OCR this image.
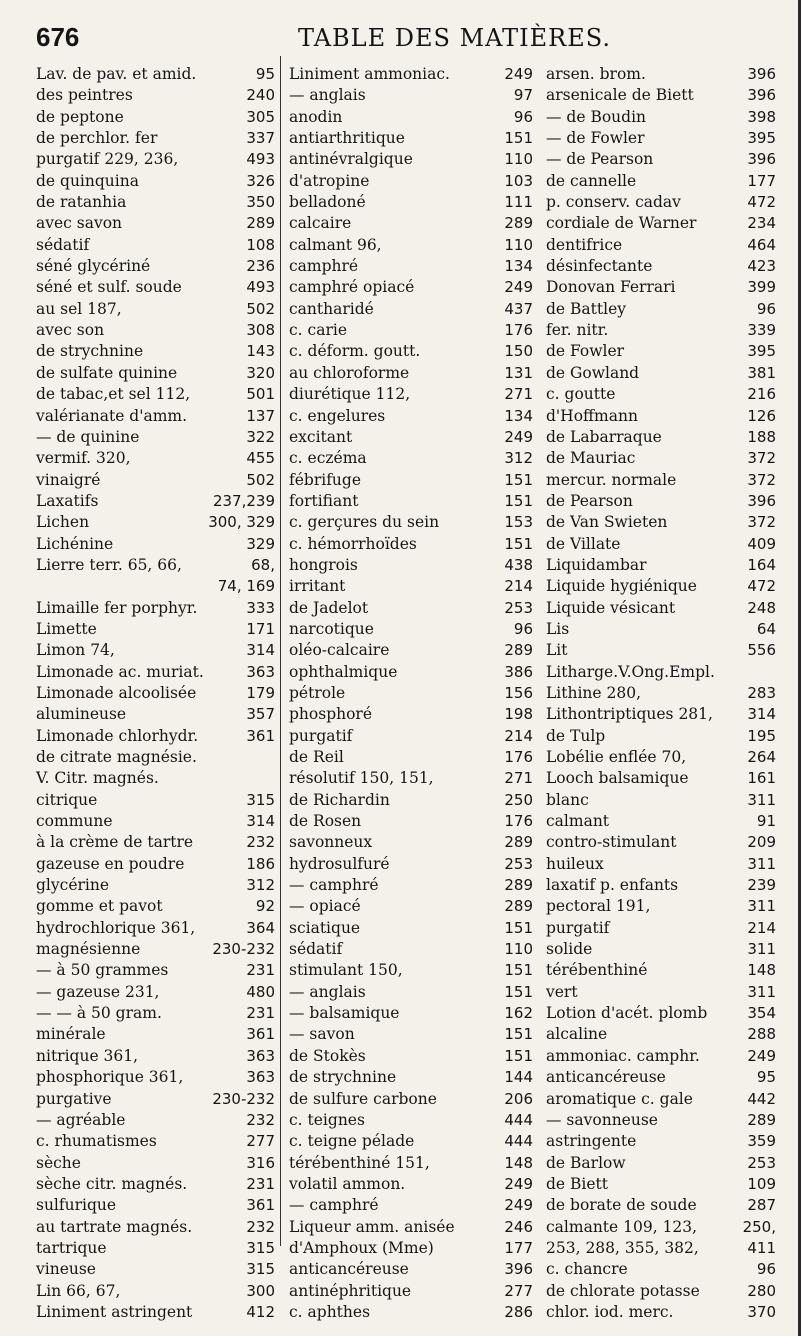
676	TABLE DES MATIÈRES.
Lav. de pav. et amid.	95
des peintres	240
de peptone	305
de perchlor. fer	337
purgatif 229, 236,	493
de quinquina	326
de ratanhia	350
avec savon	289
sédatif	108
séné glycériné	236
séné et sulf. soude	493
au sel 187,	502
avec son	308
de strychnine	143
de sulfate quinine	320
de tabac,et sel 112,	501
valérianate d'amm.	137
— de quinine	322
vermif. 320,	455
vinaigré	502
Laxatifs	237,239
Lichen	300, 329
Lichénine	329
Lierre terr. 65, 66,	68,
74, 169
Limaille fer porphyr.	333
Limette	171
Limon 74,	314
Limonade ac. muriat.	363
Limonade alcoolisée	179
alumineuse	357
Limonade chlorhydr.	361
de citrate magnésie.
V. Citr. magnés.
citrique	315
commune	314
à la crème de tartre	232
gazeuse en poudre	186
glycérine	312
gomme et pavot	92
hydrochlorique 361,	364
magnésienne	230-232
— à 50 grammes	231
— gazeuse 231,	480
— — à 50 gram.	231
minérale	361
nitrique 361,	363
phosphorique 361,	363
purgative	230-232
— agréable	232
c. rhumatismes	277
sèche	316
sèche citr. magnés.	231
sulfurique	361
au tartrate magnés.	232
tartrique	315
vineuse	315
Lin 66, 67,	300
Liniment astringent	412
Liniment ammoniac.	249
— anglais	97
anodin	96
antiarthritique	151
antinévralgique	110
d'atropine	103
belladoné	111
calcaire	289
calmant 96,	110
camphré	134
camphré opiacé	249
cantharidé	437
c. carie	176
c. déform. goutt.	150
au chloroforme	131
diurétique 112,	271
c. engelures	134
excitant	249
c. eczéma	312
fébrifuge	151
fortifiant	151
c. gerçures du sein	153
c. hémorrhoïdes	151
hongrois	438
irritant	214
de Jadelot	253
narcotique	96
oléo-calcaire	289
ophthalmique	386
pétrole	156
phosphoré	198
purgatif	214
de Reil	176
résolutif 150, 151,	271
de Richardin	250
de Rosen	176
savonneux	289
hydrosulfuré	253
— camphré	289
— opiacé	289
sciatique	151
sédatif	110
stimulant 150,	151
— anglais	151
— balsamique	162
— savon	151
de Stokès	151
de strychnine	144
de sulfure carbone	206
c. teignes	444
c. teigne pélade	444
térébenthiné 151,	148
volatil ammon.	249
— camphré	249
Liqueur amm. anisée	246
d'Amphoux (Mme)	177
anticancéreuse	396
antinéphritique	277
c. aphthes	286
arsen. brom.	396
arsenicale de Biett	396
— de Boudin	398
— de Fowler	395
— de Pearson	396
de cannelle	177
p. conserv. cadav	472
cordiale de Warner	234
dentifrice	464
désinfectante	423
Donovan Ferrari	399
de Battley	96
fer. nitr.	339
de Fowler	395
de Gowland	381
c. goutte	216
d'Hoffmann	126
de Labarraque	188
de Mauriac	372
mercur. normale	372
de Pearson	396
de Van Swieten	372
de Villate	409
Liquidambar	164
Liquide hygiénique	472
Liquide vésicant	248
Lis	64
Lit	556
Litharge.V.Ong.Empl.
Lithine 280,	283
Lithontriptiques 281,	314
de Tulp	195
Lobélie enflée 70,	264
Looch balsamique	161
blanc	311
calmant	91
contro-stimulant	209
huileux	311
laxatif p. enfants	239
pectoral 191,	311
purgatif	214
solide	311
térébenthiné	148
vert	311
Lotion d'acét. plomb	354
alcaline	288
ammoniac. camphr.	249
anticancéreuse	95
aromatique c. gale	442
— savonneuse	289
astringente	359
de Barlow	253
de Biett	109
de borate de soude	287
calmante 109, 123,	250,
253, 288, 355, 382,	411
c. chancre	96
de chlorate potasse	280
chlor. iod. merc.	370
